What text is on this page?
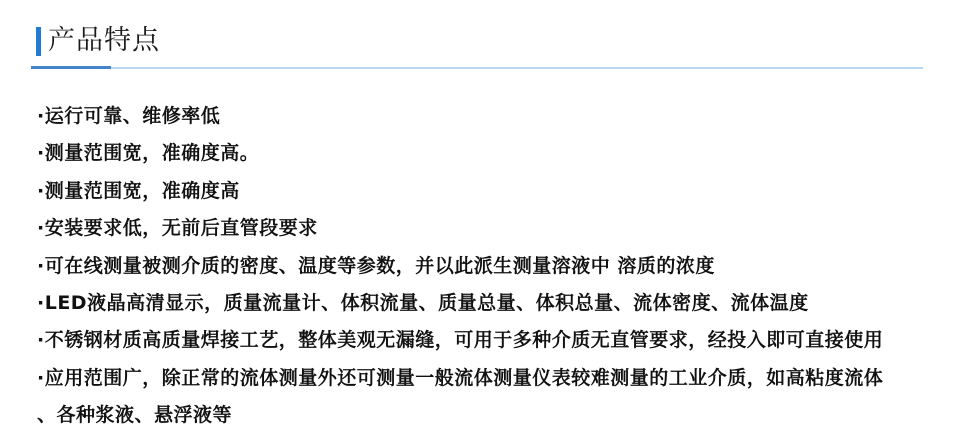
产品特点
·运行可靠、维修率低
·测量范围宽，准确度高。
·测量范围宽，准确度高
·安装要求低，无前后直管段要求
·可在线测量被测介质的密度、温度等参数，并以此派生测量溶液中 溶质的浓度
·LED液晶高清显示，质量流量计、体积流量、质量总量、体积总量、流体密度、流体温度
·不锈钢材质高质量焊接工艺，整体美观无漏缝，可用于多种介质无直管要求，经投入即可直接使用
·应用范围广，除正常的流体测量外还可测量一般流体测量仪表较难测量的工业介质，如高粘度流体
、各种浆液、悬浮液等
